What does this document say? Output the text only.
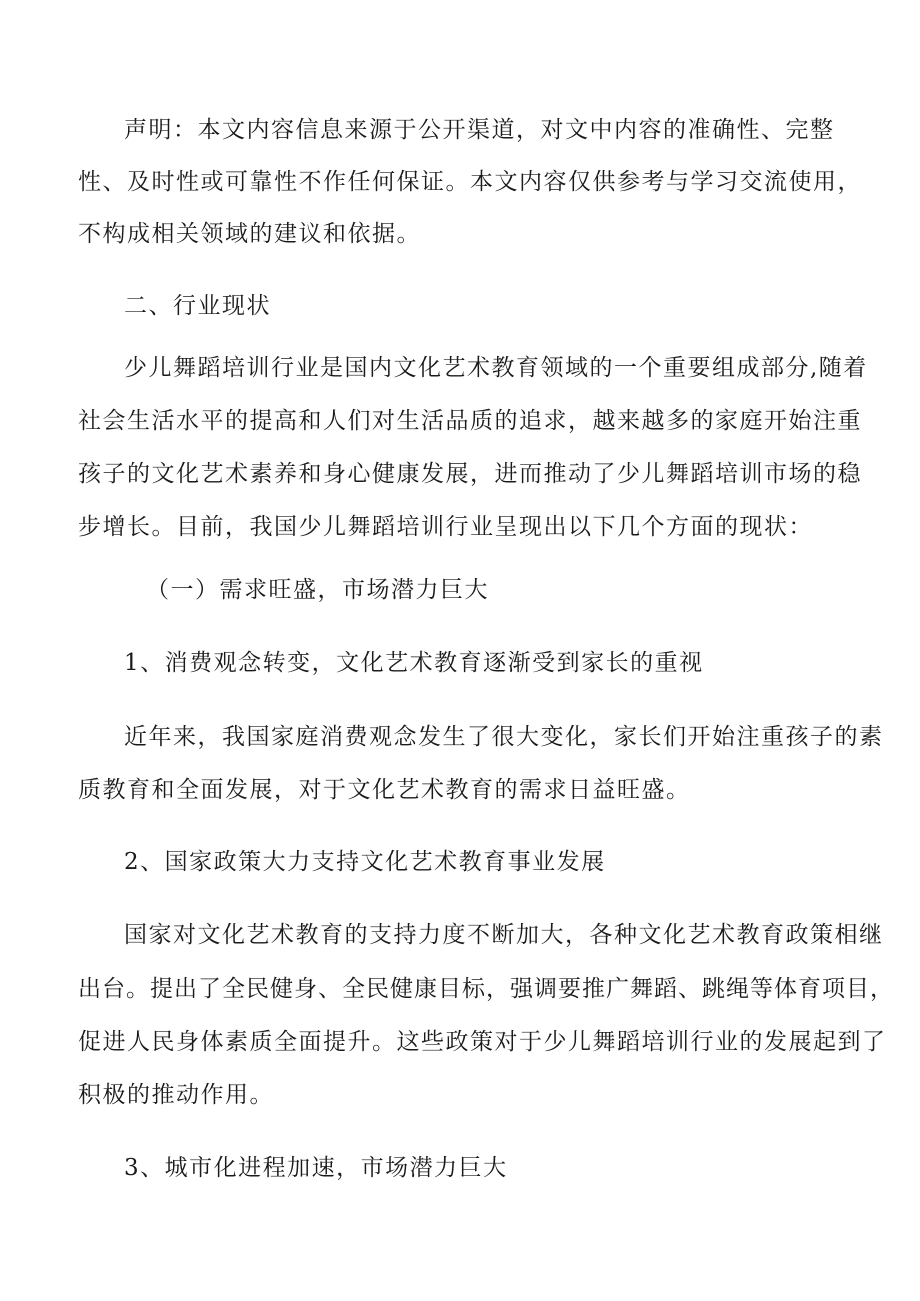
声明：本文内容信息来源于公开渠道，对文中内容的准确性、完整
性、及时性或可靠性不作任何保证。本文内容仅供参考与学习交流使用，
不构成相关领域的建议和依据。
二、行业现状
少儿舞蹈培训行业是国内文化艺术教育领域的一个重要组成部分,随着
社会生活水平的提高和人们对生活品质的追求，越来越多的家庭开始注重
孩子的文化艺术素养和身心健康发展，进而推动了少儿舞蹈培训市场的稳
步增长。目前，我国少儿舞蹈培训行业呈现出以下几个方面的现状：
（一）需求旺盛，市场潜力巨大
1、消费观念转变，文化艺术教育逐渐受到家长的重视
近年来，我国家庭消费观念发生了很大变化，家长们开始注重孩子的素
质教育和全面发展，对于文化艺术教育的需求日益旺盛。
2、国家政策大力支持文化艺术教育事业发展
国家对文化艺术教育的支持力度不断加大，各种文化艺术教育政策相继
出台。提出了全民健身、全民健康目标，强调要推广舞蹈、跳绳等体育项目，
促进人民身体素质全面提升。这些政策对于少儿舞蹈培训行业的发展起到了
积极的推动作用。
3、城市化进程加速，市场潜力巨大
